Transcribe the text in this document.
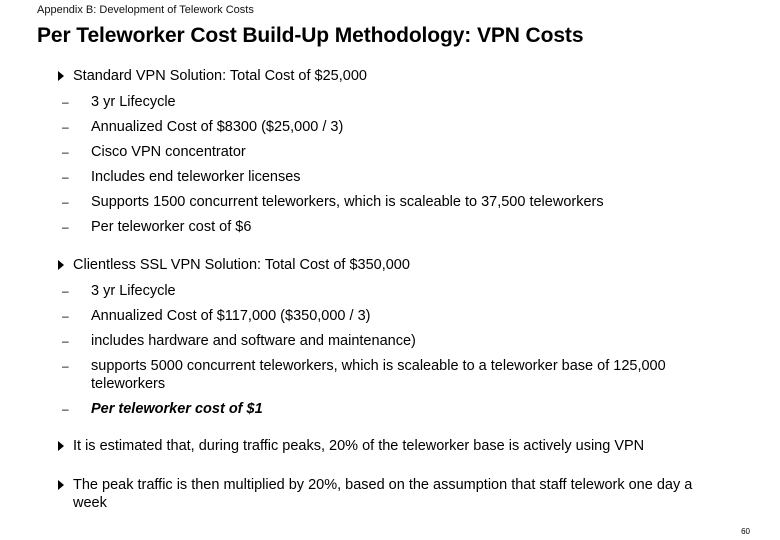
Appendix B: Development of Telework Costs
Per Teleworker Cost Build-Up Methodology: VPN Costs
Standard VPN Solution: Total Cost of $25,000
– 3 yr Lifecycle
– Annualized Cost of $8300 ($25,000 / 3)
– Cisco VPN concentrator
– Includes end teleworker licenses
– Supports 1500 concurrent teleworkers, which is scaleable to 37,500 teleworkers
– Per teleworker cost of $6
Clientless SSL VPN Solution: Total Cost of $350,000
– 3 yr Lifecycle
– Annualized Cost of $117,000 ($350,000 / 3)
– includes hardware and software and maintenance)
– supports 5000 concurrent teleworkers, which is scaleable to a teleworker base of 125,000 teleworkers
– Per teleworker cost of $1
It is estimated that, during traffic peaks, 20% of the teleworker base is actively using VPN
The peak traffic is then multiplied by 20%, based on the assumption that staff telework one day a week
60
